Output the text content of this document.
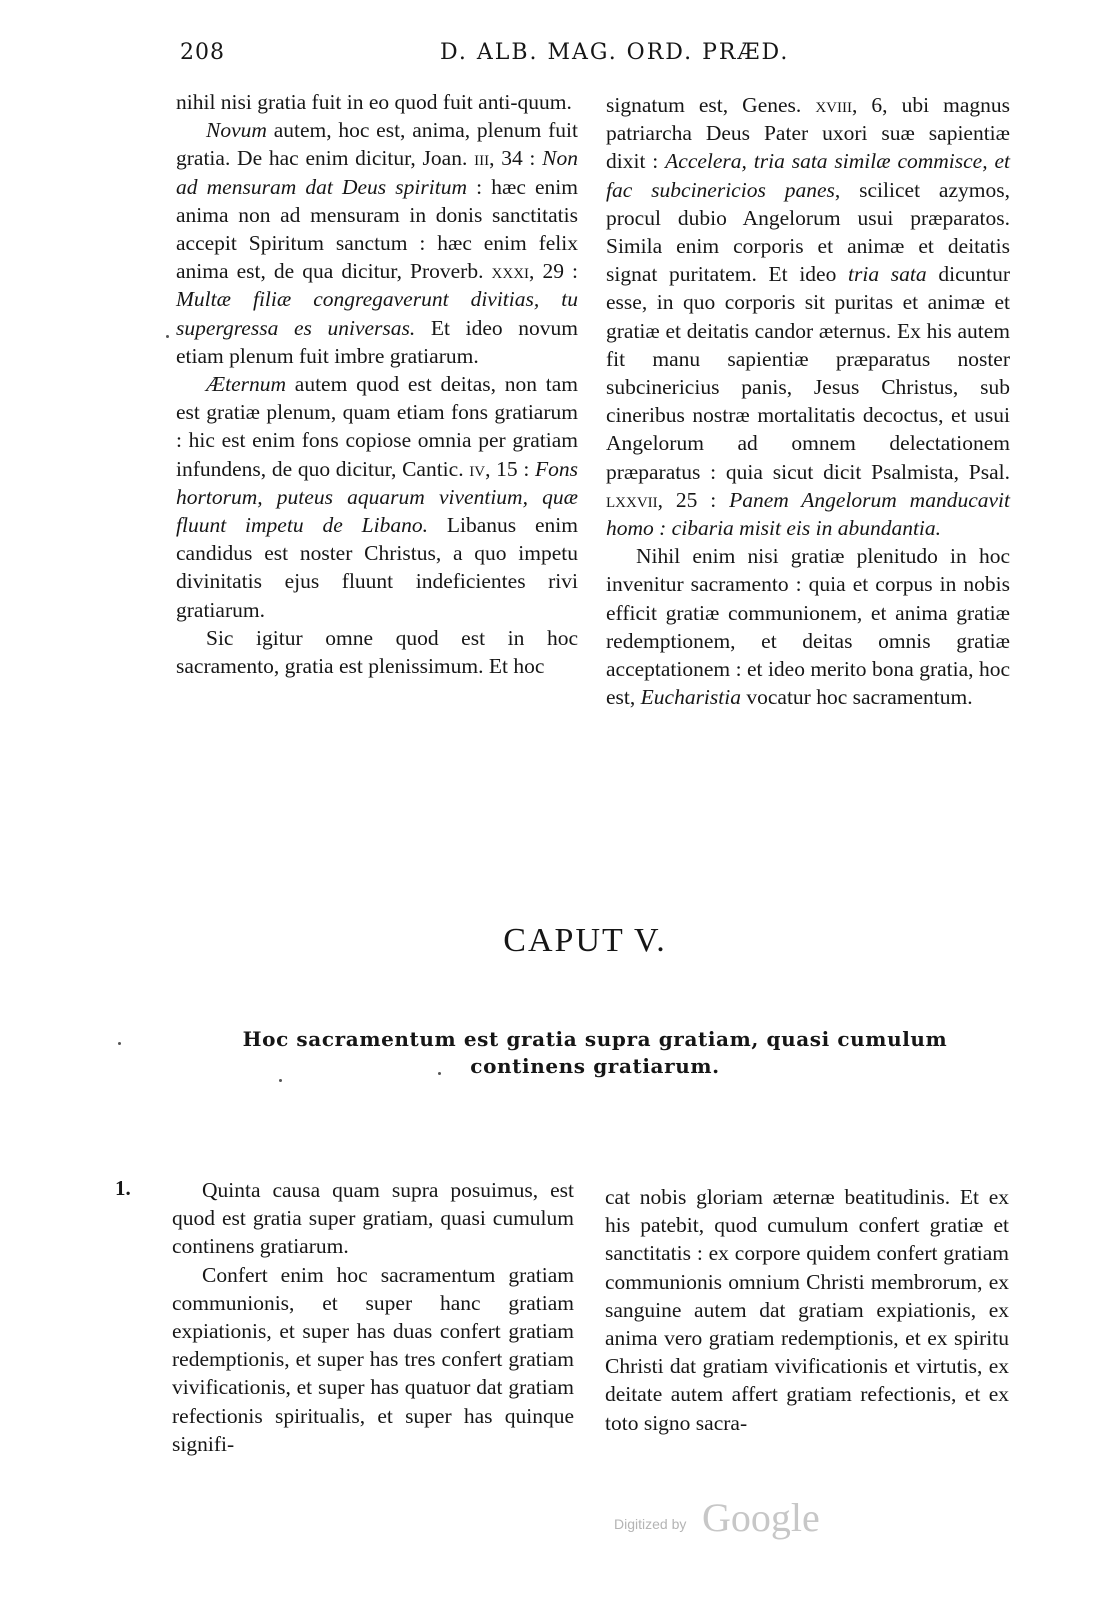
208	D. ALB. MAG. ORD. PRÆD.

nihil nisi gratia fuit in eo quod fuit anti-quum.

Novum autem, hoc est, anima, plenum fuit gratia. De hac enim dicitur, Joan. iii, 34 : Non ad mensuram dat Deus spiritum : hæc enim anima non ad mensuram in donis sanctitatis accepit Spiritum sanctum : hæc enim felix anima est, de qua dicitur, Proverb. xxxi, 29 : Multæ filiæ congregaverunt divitias, tu supergressa es universas. Et ideo novum etiam plenum fuit imbre gratiarum.

Æternum autem quod est deitas, non tam est gratiæ plenum, quam etiam fons gratiarum : hic est enim fons copiose omnia per gratiam infundens, de quo dicitur, Cantic. iv, 15 : Fons hortorum, puteus aquarum viventium, quæ fluunt impetu de Libano. Libanus enim candidus est noster Christus, a quo impetu divinitatis ejus fluunt indeficientes rivi gratiarum.

Sic igitur omne quod est in hoc sacramento, gratia est plenissimum. Et hoc

signatum est, Genes. xviii, 6, ubi magnus patriarcha Deus Pater uxori suæ sapientiæ dixit : Accelera, tria sata similæ commisce, et fac subcinericios panes, scilicet azymos, procul dubio Angelorum usui præparatos. Simila enim corporis et animæ et deitatis signat puritatem. Et ideo tria sata dicuntur esse, in quo corporis sit puritas et animæ et gratiæ et deitatis candor æternus. Ex his autem fit manu sapientiæ præparatus noster subcinericius panis, Jesus Christus, sub cineribus nostræ mortalitatis decoctus, et usui Angelorum ad omnem delectationem præparatus : quia sicut dicit Psalmista, Psal. lxxvii, 25 : Panem Angelorum manducavit homo : cibaria misit eis in abundantia.

Nihil enim nisi gratiæ plenitudo in hoc invenitur sacramento : quia et corpus in nobis efficit gratiæ communionem, et anima gratiæ redemptionem, et deitas omnis gratiæ acceptationem : et ideo merito bona gratia, hoc est, Eucharistia vocatur hoc sacramentum.

CAPUT V.
Hoc sacramentum est gratia supra gratiam, quasi cumulum continens gratiarum.
1.	Quinta causa quam supra posuimus, est quod est gratia super gratiam, quasi cumulum continens gratiarum.

Confert enim hoc sacramentum gratiam communionis, et super hanc gratiam expiationis, et super has duas confert gratiam redemptionis, et super has tres confert gratiam vivificationis, et super has quatuor dat gratiam refectionis spiritualis, et super has quinque signifi-

cat nobis gloriam æternæ beatitudinis. Et ex his patebit, quod cumulum confert gratiæ et sanctitatis : ex corpore quidem confert gratiam communionis omnium Christi membrorum, ex sanguine autem dat gratiam expiationis, ex anima vero gratiam redemptionis, et ex spiritu Christi dat gratiam vivificationis et virtutis, ex deitate autem affert gratiam refectionis, et ex toto signo sacra-

Digitized by Google
